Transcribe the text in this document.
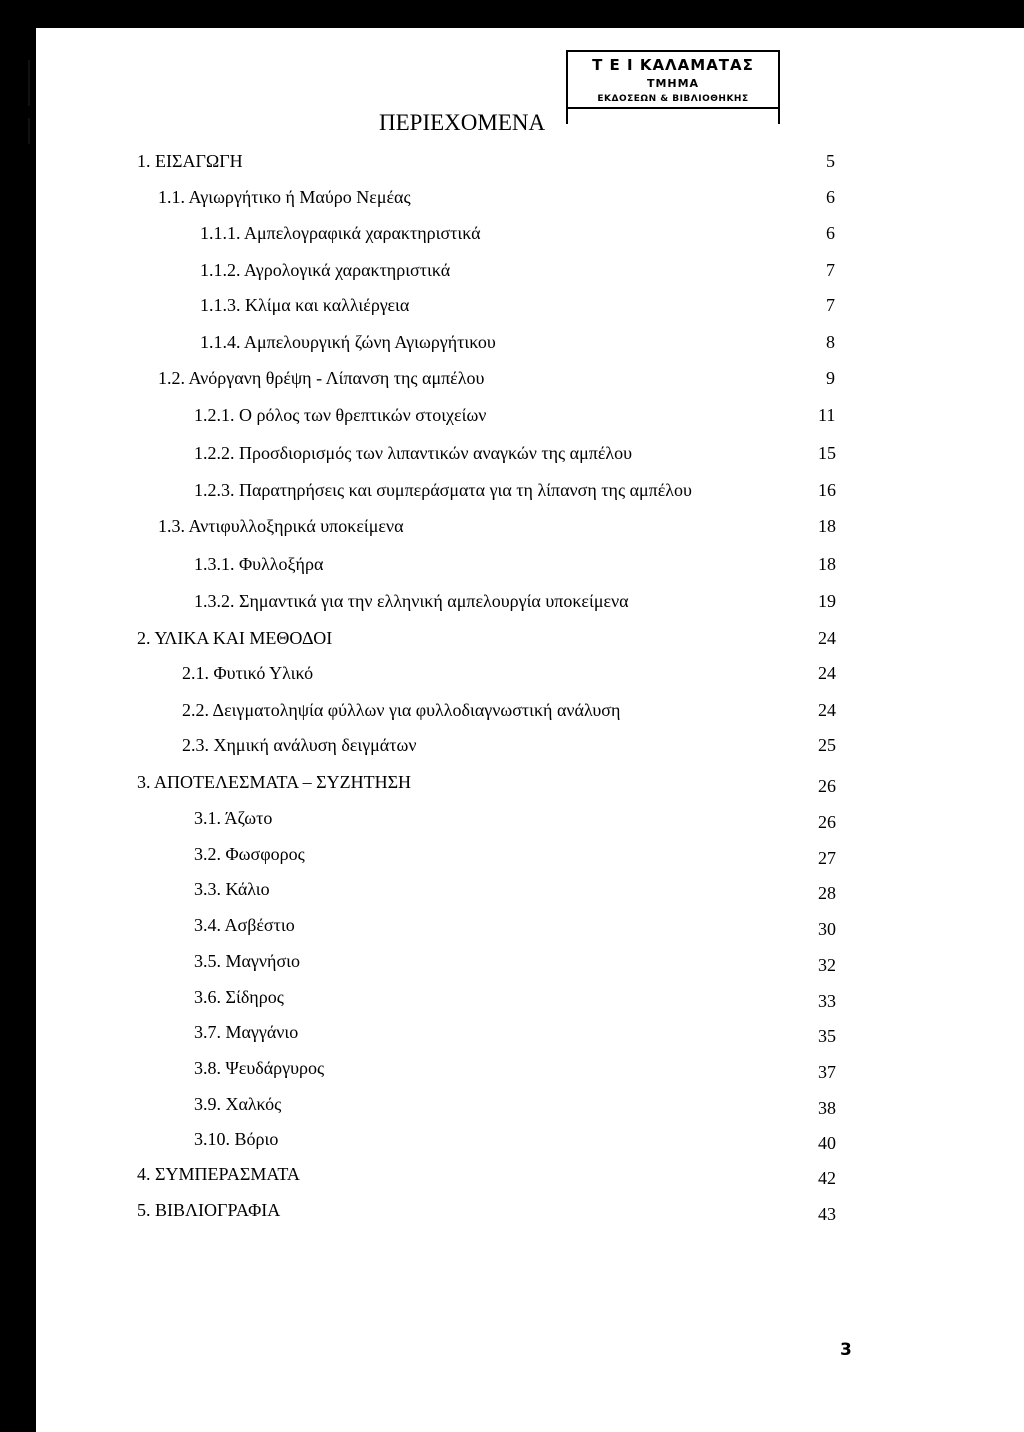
Τ Ε Ι ΚΑΛΑΜΑΤΑΣ
ΤΜΗΜΑ
ΕΚΔΟΣΕΩΝ & ΒΙΒΛΙΟΘΗΚΗΣ
ΠΕΡΙΕΧΟΜΕΝΑ
1. ΕΙΣΑΓΩΓΗ	5
1.1. Αγιωργήτικο ή Μαύρο Νεμέας	6
1.1.1. Αμπελογραφικά χαρακτηριστικά	6
1.1.2. Αγρολογικά χαρακτηριστικά	7
1.1.3. Κλίμα και καλλιέργεια	7
1.1.4. Αμπελουργική ζώνη Αγιωργήτικου	8
1.2. Ανόργανη θρέψη - Λίπανση της αμπέλου	9
1.2.1. Ο ρόλος των θρεπτικών στοιχείων	11
1.2.2. Προσδιορισμός των λιπαντικών αναγκών της αμπέλου	15
1.2.3. Παρατηρήσεις και συμπεράσματα για τη λίπανση της αμπέλου	16
1.3. Αντιφυλλοξηρικά υποκείμενα	18
1.3.1. Φυλλοξήρα	18
1.3.2. Σημαντικά για την ελληνική αμπελουργία υποκείμενα	19
2. ΥΛΙΚΑ ΚΑΙ ΜΕΘΟΔΟΙ	24
2.1. Φυτικό Υλικό	24
2.2. Δειγματοληψία φύλλων για φυλλοδιαγνωστική ανάλυση	24
2.3. Χημική ανάλυση δειγμάτων	25
3. ΑΠΟΤΕΛΕΣΜΑΤΑ – ΣΥΖΗΤΗΣΗ	26
3.1. Άζωτο	26
3.2. Φωσφορος	27
3.3. Κάλιο	28
3.4. Ασβέστιο	30
3.5. Μαγνήσιο	32
3.6. Σίδηρος	33
3.7. Μαγγάνιο	35
3.8. Ψευδάργυρος	37
3.9. Χαλκός	38
3.10. Βόριο	40
4. ΣΥΜΠΕΡΑΣΜΑΤΑ	42
5. ΒΙΒΛΙΟΓΡΑΦΙΑ	43
3
